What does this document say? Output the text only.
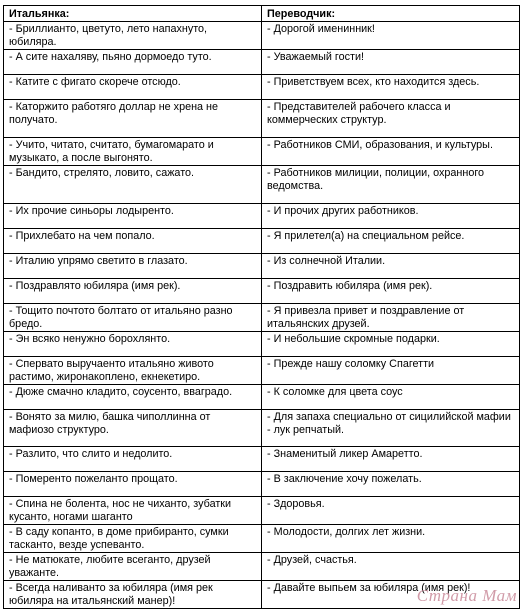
Итальянка:	Переводчик:
- Бриллианто, цветуто, лето напахнуто, юбиляра.	- Дорогой именинник!
- А сите нахаляву, пьяно дормоедо туто.	- Уважаемый гости!
- Катите с фигато скорече отсюдо.	- Приветствуем всех, кто находится здесь.
- Каторжито работяго доллар не хрена не получато.	- Представителей рабочего класса и коммерческих структур.
- Учито, читато, считато, бумагомарато и музыкато, а после выгонято.	- Работников СМИ, образования, и культуры.
- Бандито, стрелято, ловито, сажато.	- Работников милиции, полиции, охранного ведомства.
- Их прочие синьоры лодыренто.	- И прочих других работников.
- Прихлебато на чем попало.	- Я прилетел(а) на специальном рейсе.
- Италию упрямо светито в глазато.	- Из солнечной Италии.
- Поздравлято юбиляра (имя рек).	- Поздравить юбиляра (имя рек).
- Тощито почтото болтато от итальяно разно бредо.	- Я привезла привет и поздравление от итальянских друзей.
- Эн всяко ненужно борохлянто.	- И небольшие скромные подарки.
- Спервато выручаенто итальяно живото растимо, жиронакоплено, екнекетиро.	- Прежде нашу соломку Спагетти
- Дюже смачно кладито, соусенто, вваградо.	- К соломке для цвета соус
- Вонято за милю, башка чиполлинна от мафиозо структуро.	- Для запаха специально от сицилийской мафии - лук репчатый.
- Разлито, что слито и недолито.	- Знаменитый ликер Амаретто.
- Померенто пожеланто прощато.	- В заключение хочу пожелать.
- Спина не болента, нос не чиханто, зубатки кусанто, ногами шаганто	- Здоровья.
- В саду копанто, в доме прибиранто, сумки тасканто, везде успеванто.	- Молодости, долгих лет жизни.
- Не матюкате, любите всеганто, друзей уважанте.	- Друзей, счастья.
- Всегда наливанто за юбиляра (имя рек юбиляра на итальянский манер)!	- Давайте выпьем за юбиляра (имя рек)!
Страна Мам
